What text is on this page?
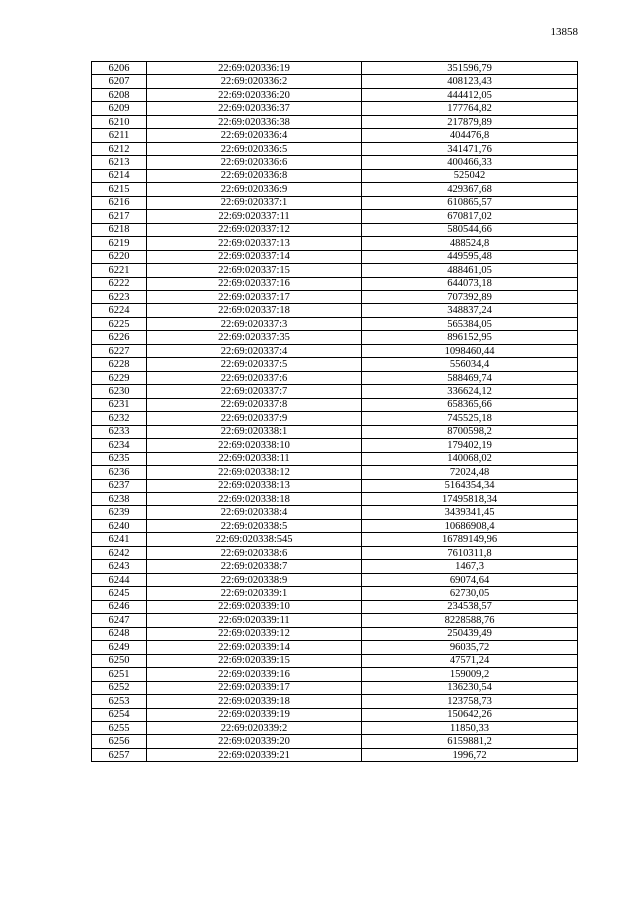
13858
6206	22:69:020336:19	351596,79
6207	22:69:020336:2	408123,43
6208	22:69:020336:20	444412,05
6209	22:69:020336:37	177764,82
6210	22:69:020336:38	217879,89
6211	22:69:020336:4	404476,8
6212	22:69:020336:5	341471,76
6213	22:69:020336:6	400466,33
6214	22:69:020336:8	525042
6215	22:69:020336:9	429367,68
6216	22:69:020337:1	610865,57
6217	22:69:020337:11	670817,02
6218	22:69:020337:12	580544,66
6219	22:69:020337:13	488524,8
6220	22:69:020337:14	449595,48
6221	22:69:020337:15	488461,05
6222	22:69:020337:16	644073,18
6223	22:69:020337:17	707392,89
6224	22:69:020337:18	348837,24
6225	22:69:020337:3	565384,05
6226	22:69:020337:35	896152,95
6227	22:69:020337:4	1098460,44
6228	22:69:020337:5	556034,4
6229	22:69:020337:6	588469,74
6230	22:69:020337:7	336624,12
6231	22:69:020337:8	658365,66
6232	22:69:020337:9	745525,18
6233	22:69:020338:1	8700598,2
6234	22:69:020338:10	179402,19
6235	22:69:020338:11	140068,02
6236	22:69:020338:12	72024,48
6237	22:69:020338:13	5164354,34
6238	22:69:020338:18	17495818,34
6239	22:69:020338:4	3439341,45
6240	22:69:020338:5	10686908,4
6241	22:69:020338:545	16789149,96
6242	22:69:020338:6	7610311,8
6243	22:69:020338:7	1467,3
6244	22:69:020338:9	69074,64
6245	22:69:020339:1	62730,05
6246	22:69:020339:10	234538,57
6247	22:69:020339:11	8228588,76
6248	22:69:020339:12	250439,49
6249	22:69:020339:14	96035,72
6250	22:69:020339:15	47571,24
6251	22:69:020339:16	159009,2
6252	22:69:020339:17	136230,54
6253	22:69:020339:18	123758,73
6254	22:69:020339:19	150642,26
6255	22:69:020339:2	11850,33
6256	22:69:020339:20	6159881,2
6257	22:69:020339:21	1996,72
